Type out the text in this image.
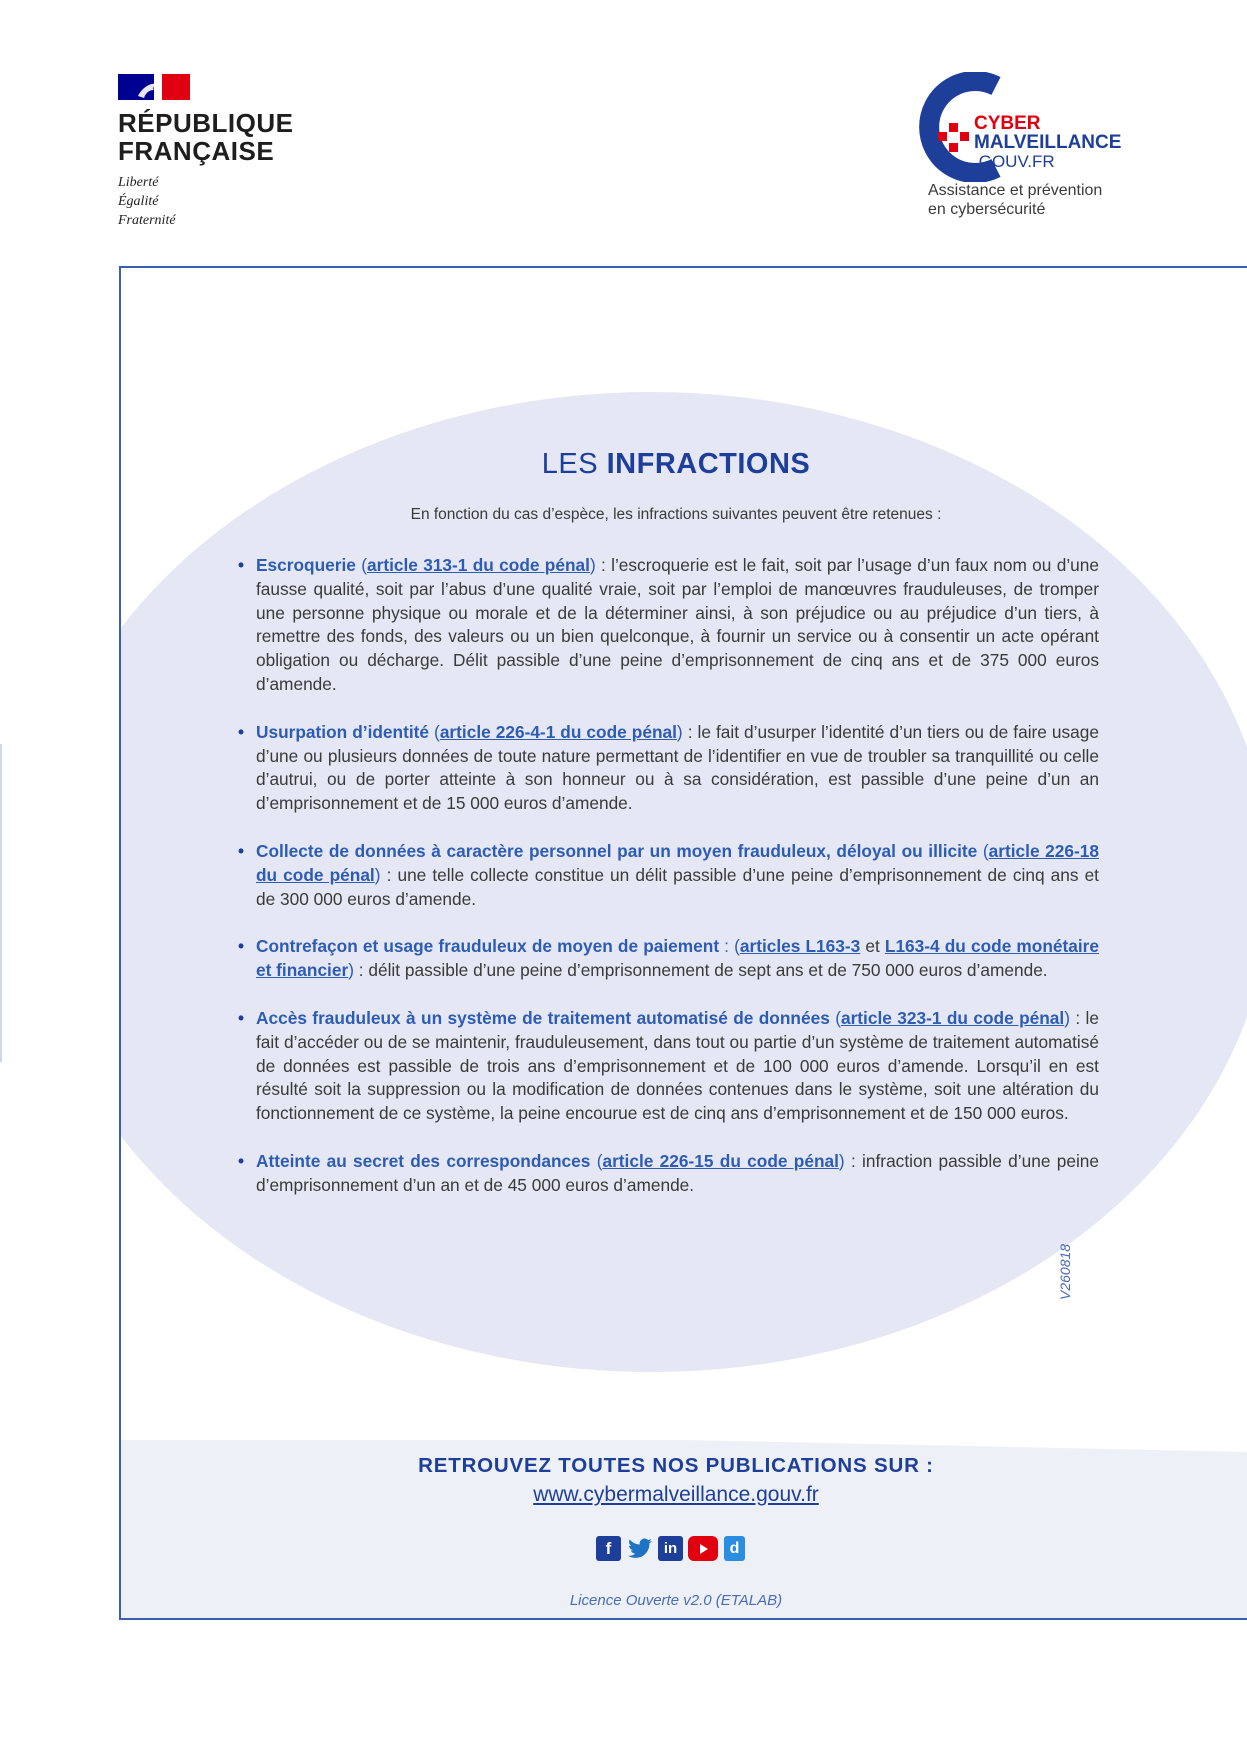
RÉPUBLIQUE
FRANÇAISE
Liberté
Égalité
Fraternité
CYBER
MALVEILLANCE
.GOUV.FR
Assistance et prévention
en cybersécurité
LES INFRACTIONS
En fonction du cas d’espèce, les infractions suivantes peuvent être retenues :
• Escroquerie (article 313-1 du code pénal) : l’escroquerie est le fait, soit par l’usage d’un faux nom ou d’une fausse qualité, soit par l’abus d’une qualité vraie, soit par l’emploi de manœuvres frauduleuses, de tromper une personne physique ou morale et de la déterminer ainsi, à son préjudice ou au préjudice d’un tiers, à remettre des fonds, des valeurs ou un bien quelconque, à fournir un service ou à consentir un acte opérant obligation ou décharge. Délit passible d’une peine d’emprisonnement de cinq ans et de 375 000 euros d’amende.
• Usurpation d’identité (article 226-4-1 du code pénal) : le fait d’usurper l’identité d’un tiers ou de faire usage d’une ou plusieurs données de toute nature permettant de l’identifier en vue de troubler sa tranquillité ou celle d’autrui, ou de porter atteinte à son honneur ou à sa considération, est passible d’une peine d’un an d’emprisonnement et de 15 000 euros d’amende.
• Collecte de données à caractère personnel par un moyen frauduleux, déloyal ou illicite (article 226-18 du code pénal) : une telle collecte constitue un délit passible d’une peine d’emprisonnement de cinq ans et de 300 000 euros d’amende.
• Contrefaçon et usage frauduleux de moyen de paiement : (articles L163-3 et L163-4 du code monétaire et financier) : délit passible d’une peine d’emprisonnement de sept ans et de 750 000 euros d’amende.
• Accès frauduleux à un système de traitement automatisé de données (article 323-1 du code pénal) : le fait d’accéder ou de se maintenir, frauduleusement, dans tout ou partie d’un système de traitement automatisé de données est passible de trois ans d’emprisonnement et de 100 000 euros d’amende. Lorsqu’il en est résulté soit la suppression ou la modification de données contenues dans le système, soit une altération du fonctionnement de ce système, la peine encourue est de cinq ans d’emprisonnement et de 150 000 euros.
• Atteinte au secret des correspondances (article 226-15 du code pénal) : infraction passible d’une peine d’emprisonnement d’un an et de 45 000 euros d’amende.
RETROUVEZ TOUTES NOS PUBLICATIONS SUR :
www.cybermalveillance.gouv.fr
f	in	d
Licence Ouverte v2.0 (ETALAB)
V260818
